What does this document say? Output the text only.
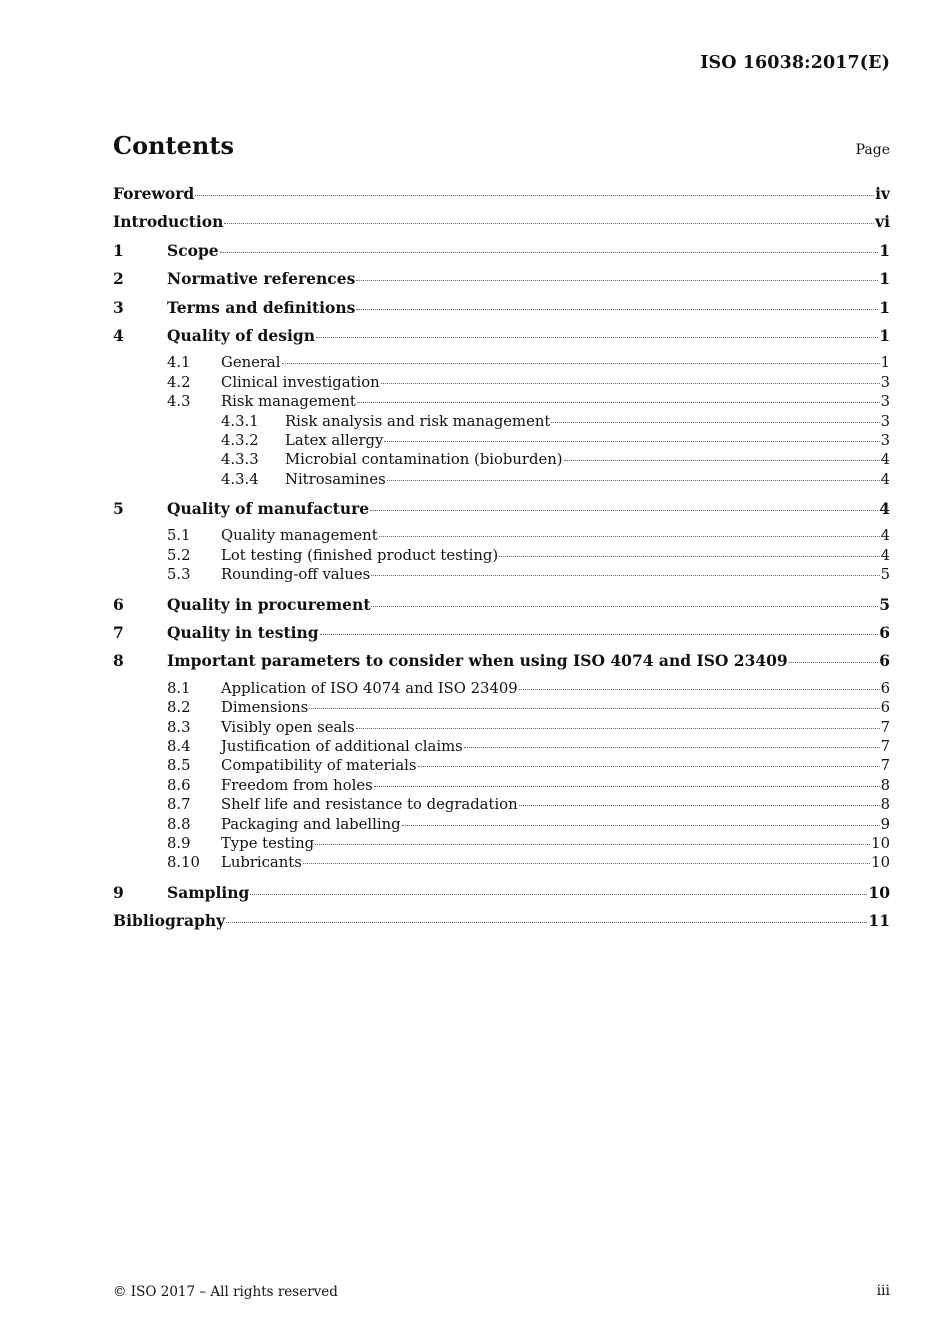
ISO 16038:2017(E)
Contents	Page
Foreword	iv
Introduction	vi
1	Scope	1
2	Normative references	1
3	Terms and definitions	1
4	Quality of design	1
4.1	General	1
4.2	Clinical investigation	3
4.3	Risk management	3
4.3.1	Risk analysis and risk management	3
4.3.2	Latex allergy	3
4.3.3	Microbial contamination (bioburden)	4
4.3.4	Nitrosamines	4
5	Quality of manufacture	4
5.1	Quality management	4
5.2	Lot testing (finished product testing)	4
5.3	Rounding-off values	5
6	Quality in procurement	5
7	Quality in testing	6
8	Important parameters to consider when using ISO 4074 and ISO 23409	6
8.1	Application of ISO 4074 and ISO 23409	6
8.2	Dimensions	6
8.3	Visibly open seals	7
8.4	Justification of additional claims	7
8.5	Compatibility of materials	7
8.6	Freedom from holes	8
8.7	Shelf life and resistance to degradation	8
8.8	Packaging and labelling	9
8.9	Type testing	10
8.10	Lubricants	10
9	Sampling	10
Bibliography	11
© ISO 2017 – All rights reserved	iii
